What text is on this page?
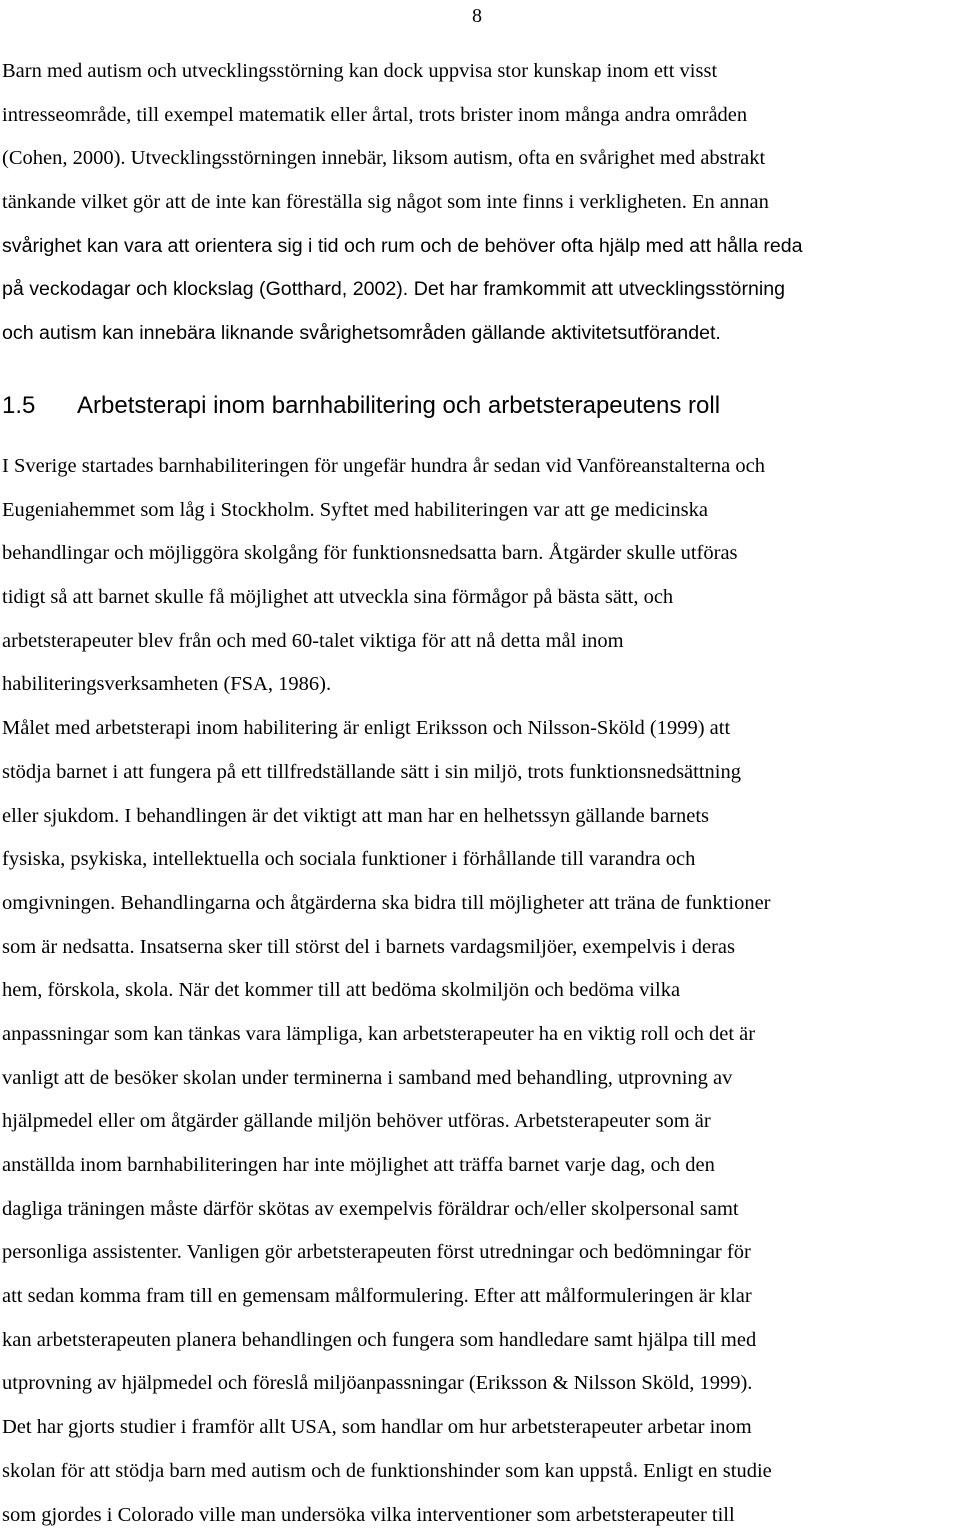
8

Barn med autism och utvecklingsstörning kan dock uppvisa stor kunskap inom ett visst
intresseområde, till exempel matematik eller årtal, trots brister inom många andra områden
(Cohen, 2000). Utvecklingsstörningen innebär, liksom autism, ofta en svårighet med abstrakt
tänkande vilket gör att de inte kan föreställa sig något som inte finns i verkligheten. En annan
svårighet kan vara att orientera sig i tid och rum och de behöver ofta hjälp med att hålla reda
på veckodagar och klockslag (Gotthard, 2002). Det har framkommit att utvecklingsstörning
och autism kan innebära liknande svårighetsområden gällande aktivitetsutförandet.

1.5 Arbetsterapi inom barnhabilitering och arbetsterapeutens roll

I Sverige startades barnhabiliteringen för ungefär hundra år sedan vid Vanföreanstalterna och
Eugeniahemmet som låg i Stockholm. Syftet med habiliteringen var att ge medicinska
behandlingar och möjliggöra skolgång för funktionsnedsatta barn. Åtgärder skulle utföras
tidigt så att barnet skulle få möjlighet att utveckla sina förmågor på bästa sätt, och
arbetsterapeuter blev från och med 60-talet viktiga för att nå detta mål inom
habiliteringsverksamheten (FSA, 1986).
Målet med arbetsterapi inom habilitering är enligt Eriksson och Nilsson-Sköld (1999) att
stödja barnet i att fungera på ett tillfredställande sätt i sin miljö, trots funktionsnedsättning
eller sjukdom. I behandlingen är det viktigt att man har en helhetssyn gällande barnets
fysiska, psykiska, intellektuella och sociala funktioner i förhållande till varandra och
omgivningen. Behandlingarna och åtgärderna ska bidra till möjligheter att träna de funktioner
som är nedsatta. Insatserna sker till störst del i barnets vardagsmiljöer, exempelvis i deras
hem, förskola, skola. När det kommer till att bedöma skolmiljön och bedöma vilka
anpassningar som kan tänkas vara lämpliga, kan arbetsterapeuter ha en viktig roll och det är
vanligt att de besöker skolan under terminerna i samband med behandling, utprovning av
hjälpmedel eller om åtgärder gällande miljön behöver utföras. Arbetsterapeuter som är
anställda inom barnhabiliteringen har inte möjlighet att träffa barnet varje dag, och den
dagliga träningen måste därför skötas av exempelvis föräldrar och/eller skolpersonal samt
personliga assistenter. Vanligen gör arbetsterapeuten först utredningar och bedömningar för
att sedan komma fram till en gemensam målformulering. Efter att målformuleringen är klar
kan arbetsterapeuten planera behandlingen och fungera som handledare samt hjälpa till med
utprovning av hjälpmedel och föreslå miljöanpassningar (Eriksson & Nilsson Sköld, 1999).
Det har gjorts studier i framför allt USA, som handlar om hur arbetsterapeuter arbetar inom
skolan för att stödja barn med autism och de funktionshinder som kan uppstå. Enligt en studie
som gjordes i Colorado ville man undersöka vilka interventioner som arbetsterapeuter till
